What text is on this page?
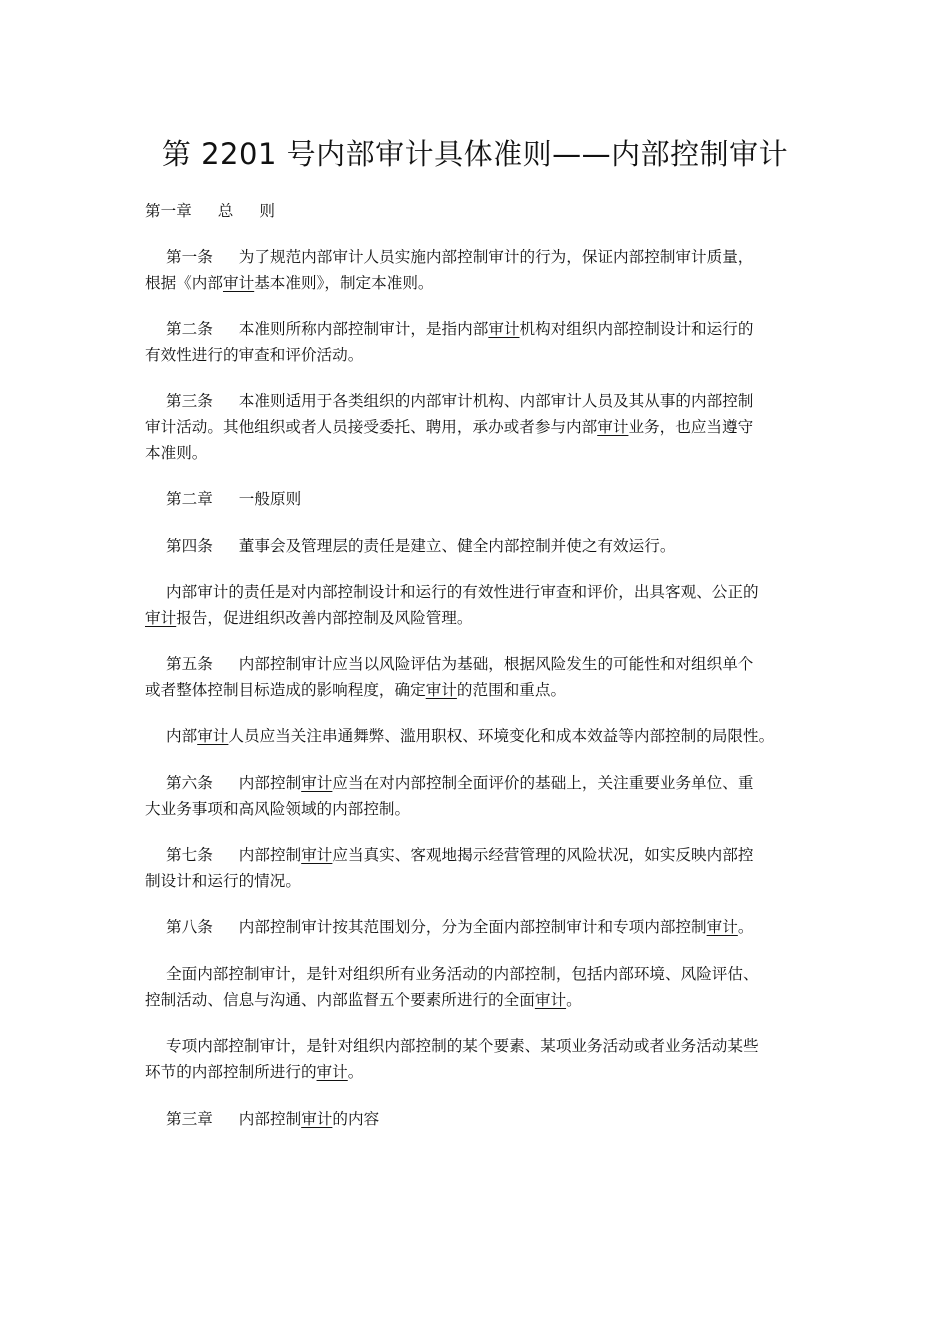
第 2201 号内部审计具体准则——内部控制审计
第一章 总 则
第一条 为了规范内部审计人员实施内部控制审计的行为，保证内部控制审计质量，
根据《内部审计基本准则》，制定本准则。
第二条 本准则所称内部控制审计，是指内部审计机构对组织内部控制设计和运行的
有效性进行的审查和评价活动。
第三条 本准则适用于各类组织的内部审计机构、内部审计人员及其从事的内部控制
审计活动。其他组织或者人员接受委托、聘用，承办或者参与内部审计业务，也应当遵守
本准则。
第二章 一般原则
第四条 董事会及管理层的责任是建立、健全内部控制并使之有效运行。
内部审计的责任是对内部控制设计和运行的有效性进行审查和评价，出具客观、公正的
审计报告，促进组织改善内部控制及风险管理。
第五条 内部控制审计应当以风险评估为基础，根据风险发生的可能性和对组织单个
或者整体控制目标造成的影响程度，确定审计的范围和重点。
内部审计人员应当关注串通舞弊、滥用职权、环境变化和成本效益等内部控制的局限性。
第六条 内部控制审计应当在对内部控制全面评价的基础上，关注重要业务单位、重
大业务事项和高风险领域的内部控制。
第七条 内部控制审计应当真实、客观地揭示经营管理的风险状况，如实反映内部控
制设计和运行的情况。
第八条 内部控制审计按其范围划分，分为全面内部控制审计和专项内部控制审计。
全面内部控制审计，是针对组织所有业务活动的内部控制，包括内部环境、风险评估、
控制活动、信息与沟通、内部监督五个要素所进行的全面审计。
专项内部控制审计，是针对组织内部控制的某个要素、某项业务活动或者业务活动某些
环节的内部控制所进行的审计。
第三章 内部控制审计的内容
